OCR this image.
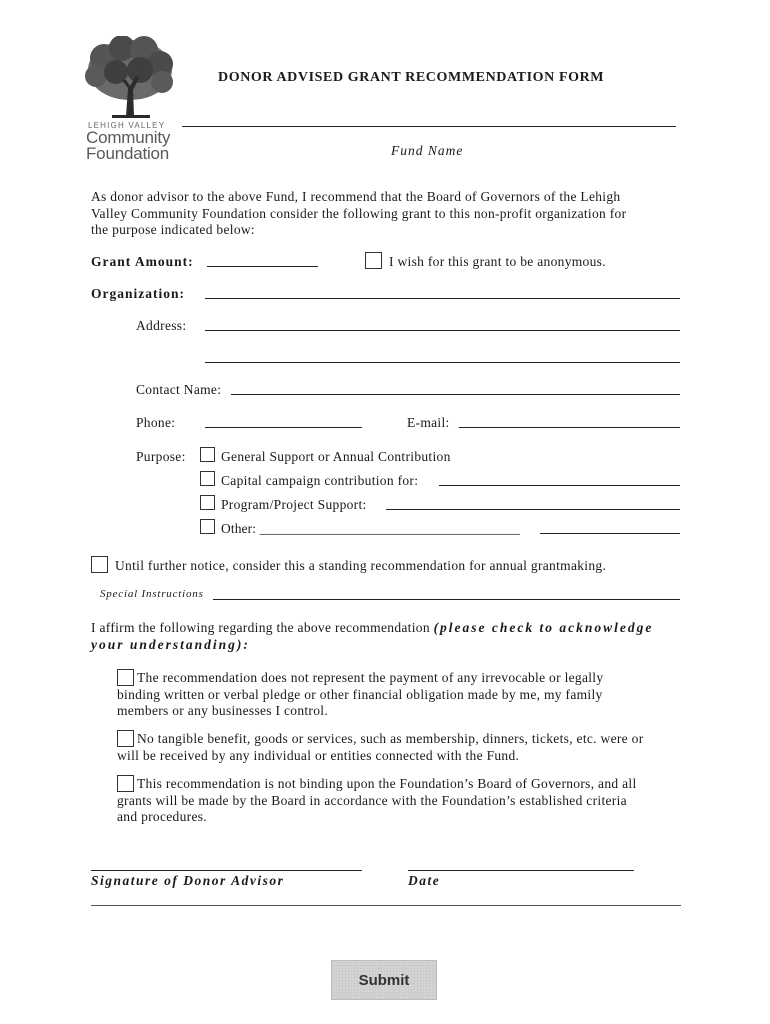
LEHIGH VALLEY
Community
Foundation
DONOR ADVISED GRANT RECOMMENDATION FORM
Fund Name
As donor advisor to the above Fund, I recommend that the Board of Governors of the Lehigh
Valley Community Foundation consider the following grant to this non-profit organization for
the purpose indicated below:
Grant Amount:	I wish for this grant to be anonymous.
Organization:
Address:
Contact Name:
Phone:	E-mail:
Purpose:	General Support or Annual Contribution
Capital campaign contribution for:
Program/Project Support:
Other: ______________________________________
Until further notice, consider this a standing recommendation for annual grantmaking.
Special Instructions
I affirm the following regarding the above recommendation (please check to acknowledge
your understanding):
The recommendation does not represent the payment of any irrevocable or legally
binding written or verbal pledge or other financial obligation made by me, my family
members or any businesses I control.
No tangible benefit, goods or services, such as membership, dinners, tickets, etc. were or
will be received by any individual or entities connected with the Fund.
This recommendation is not binding upon the Foundation’s Board of Governors, and all
grants will be made by the Board in accordance with the Foundation’s established criteria
and procedures.
Signature of Donor Advisor	Date
Submit
